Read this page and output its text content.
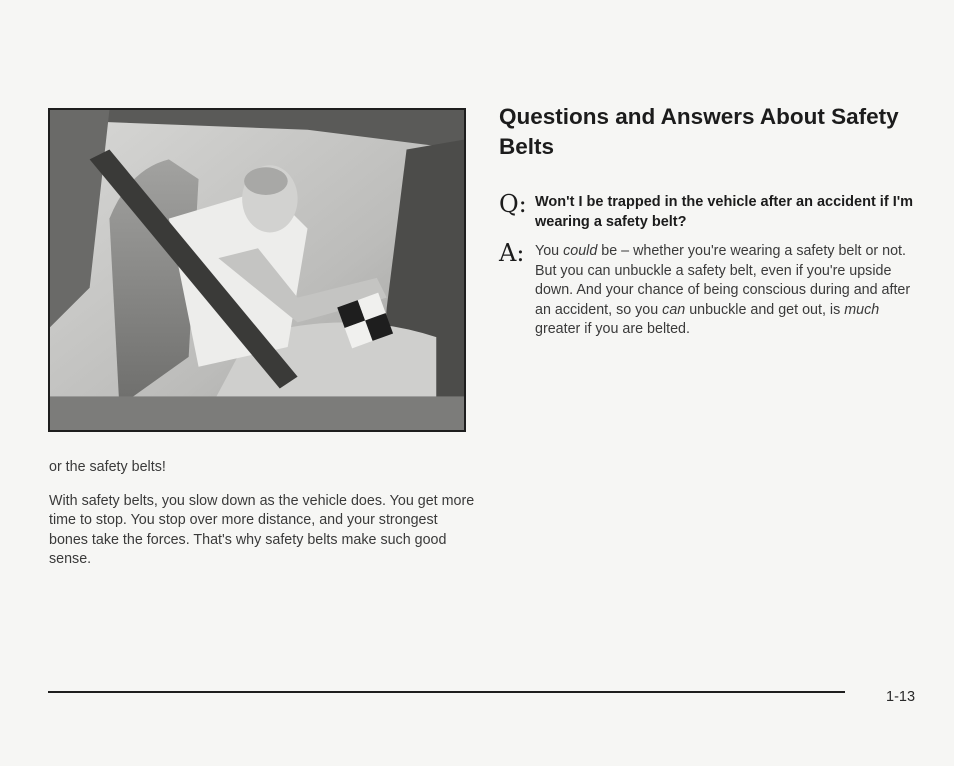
or the safety belts!

With safety belts, you slow down as the vehicle does. You get more time to stop. You stop over more distance, and your strongest bones take the forces. That's why safety belts make such good sense.

Questions and Answers About Safety Belts
Q: Won't I be trapped in the vehicle after an accident if I'm wearing a safety belt?
A: You could be – whether you're wearing a safety belt or not. But you can unbuckle a safety belt, even if you're upside down. And your chance of being conscious during and after an accident, so you can unbuckle and get out, is much greater if you are belted.
1-13
